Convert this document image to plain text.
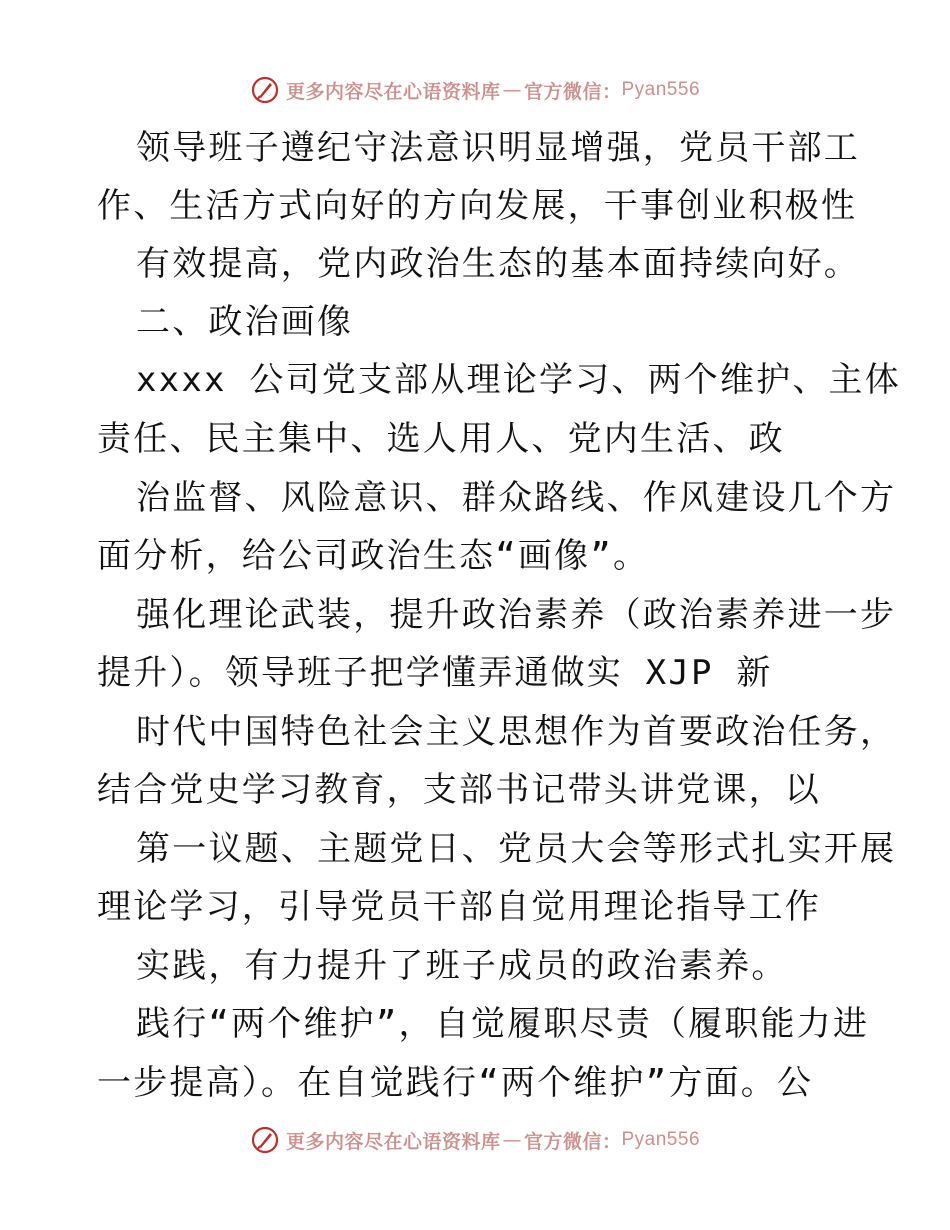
更多内容尽在心语资料库 — 官方微信： Pyan556
领导班子遵纪守法意识明显增强，党员干部工
作、生活方式向好的方向发展，干事创业积极性
有效提高，党内政治生态的基本面持续向好。
二、政治画像
xxxx 公司党支部从理论学习、两个维护、主体
责任、民主集中、选人用人、党内生活、政
治监督、风险意识、群众路线、作风建设几个方
面分析，给公司政治生态“画像”。
强化理论武装，提升政治素养（政治素养进一步
提升）。领导班子把学懂弄通做实 XJP 新
时代中国特色社会主义思想作为首要政治任务，
结合党史学习教育，支部书记带头讲党课，以
第一议题、主题党日、党员大会等形式扎实开展
理论学习，引导党员干部自觉用理论指导工作
实践，有力提升了班子成员的政治素养。
践行“两个维护”，自觉履职尽责（履职能力进
一步提高）。在自觉践行“两个维护”方面。公
更多内容尽在心语资料库 — 官方微信： Pyan556
